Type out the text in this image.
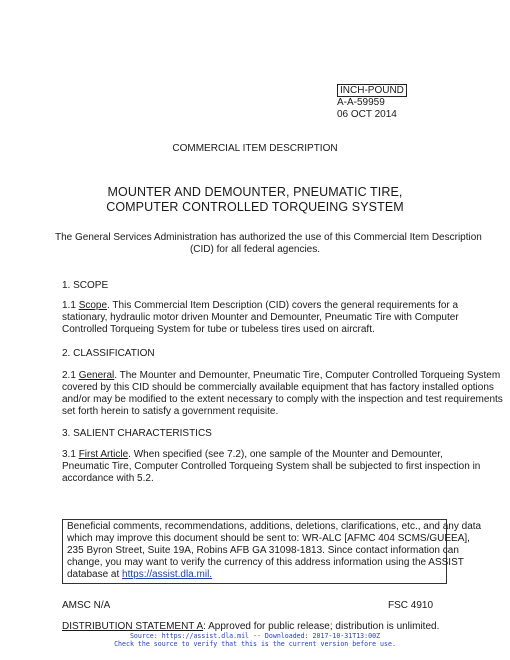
INCH-POUND
A-A-59959
06 OCT 2014
COMMERCIAL ITEM DESCRIPTION
MOUNTER AND DEMOUNTER, PNEUMATIC TIRE,
COMPUTER CONTROLLED TORQUEING SYSTEM
The General Services Administration has authorized the use of this Commercial Item Description
(CID) for all federal agencies.
1. SCOPE
1.1 Scope. This Commercial Item Description (CID) covers the general requirements for a
stationary, hydraulic motor driven Mounter and Demounter, Pneumatic Tire with Computer
Controlled Torqueing System for tube or tubeless tires used on aircraft.
2. CLASSIFICATION
2.1 General. The Mounter and Demounter, Pneumatic Tire, Computer Controlled Torqueing System
covered by this CID should be commercially available equipment that has factory installed options
and/or may be modified to the extent necessary to comply with the inspection and test requirements
set forth herein to satisfy a government requisite.
3. SALIENT CHARACTERISTICS
3.1 First Article. When specified (see 7.2), one sample of the Mounter and Demounter,
Pneumatic Tire, Computer Controlled Torqueing System shall be subjected to first inspection in
accordance with 5.2.
Beneficial comments, recommendations, additions, deletions, clarifications, etc., and any data
which may improve this document should be sent to: WR-ALC [AFMC 404 SCMS/GUEEA],
235 Byron Street, Suite 19A, Robins AFB GA 31098-1813. Since contact information can
change, you may want to verify the currency of this address information using the ASSIST
database at https://assist.dla.mil.
AMSC N/A	FSC 4910
DISTRIBUTION STATEMENT A: Approved for public release; distribution is unlimited.
Source: https://assist.dla.mil -- Downloaded: 2017-10-31T13:00Z
Check the source to verify that this is the current version before use.
